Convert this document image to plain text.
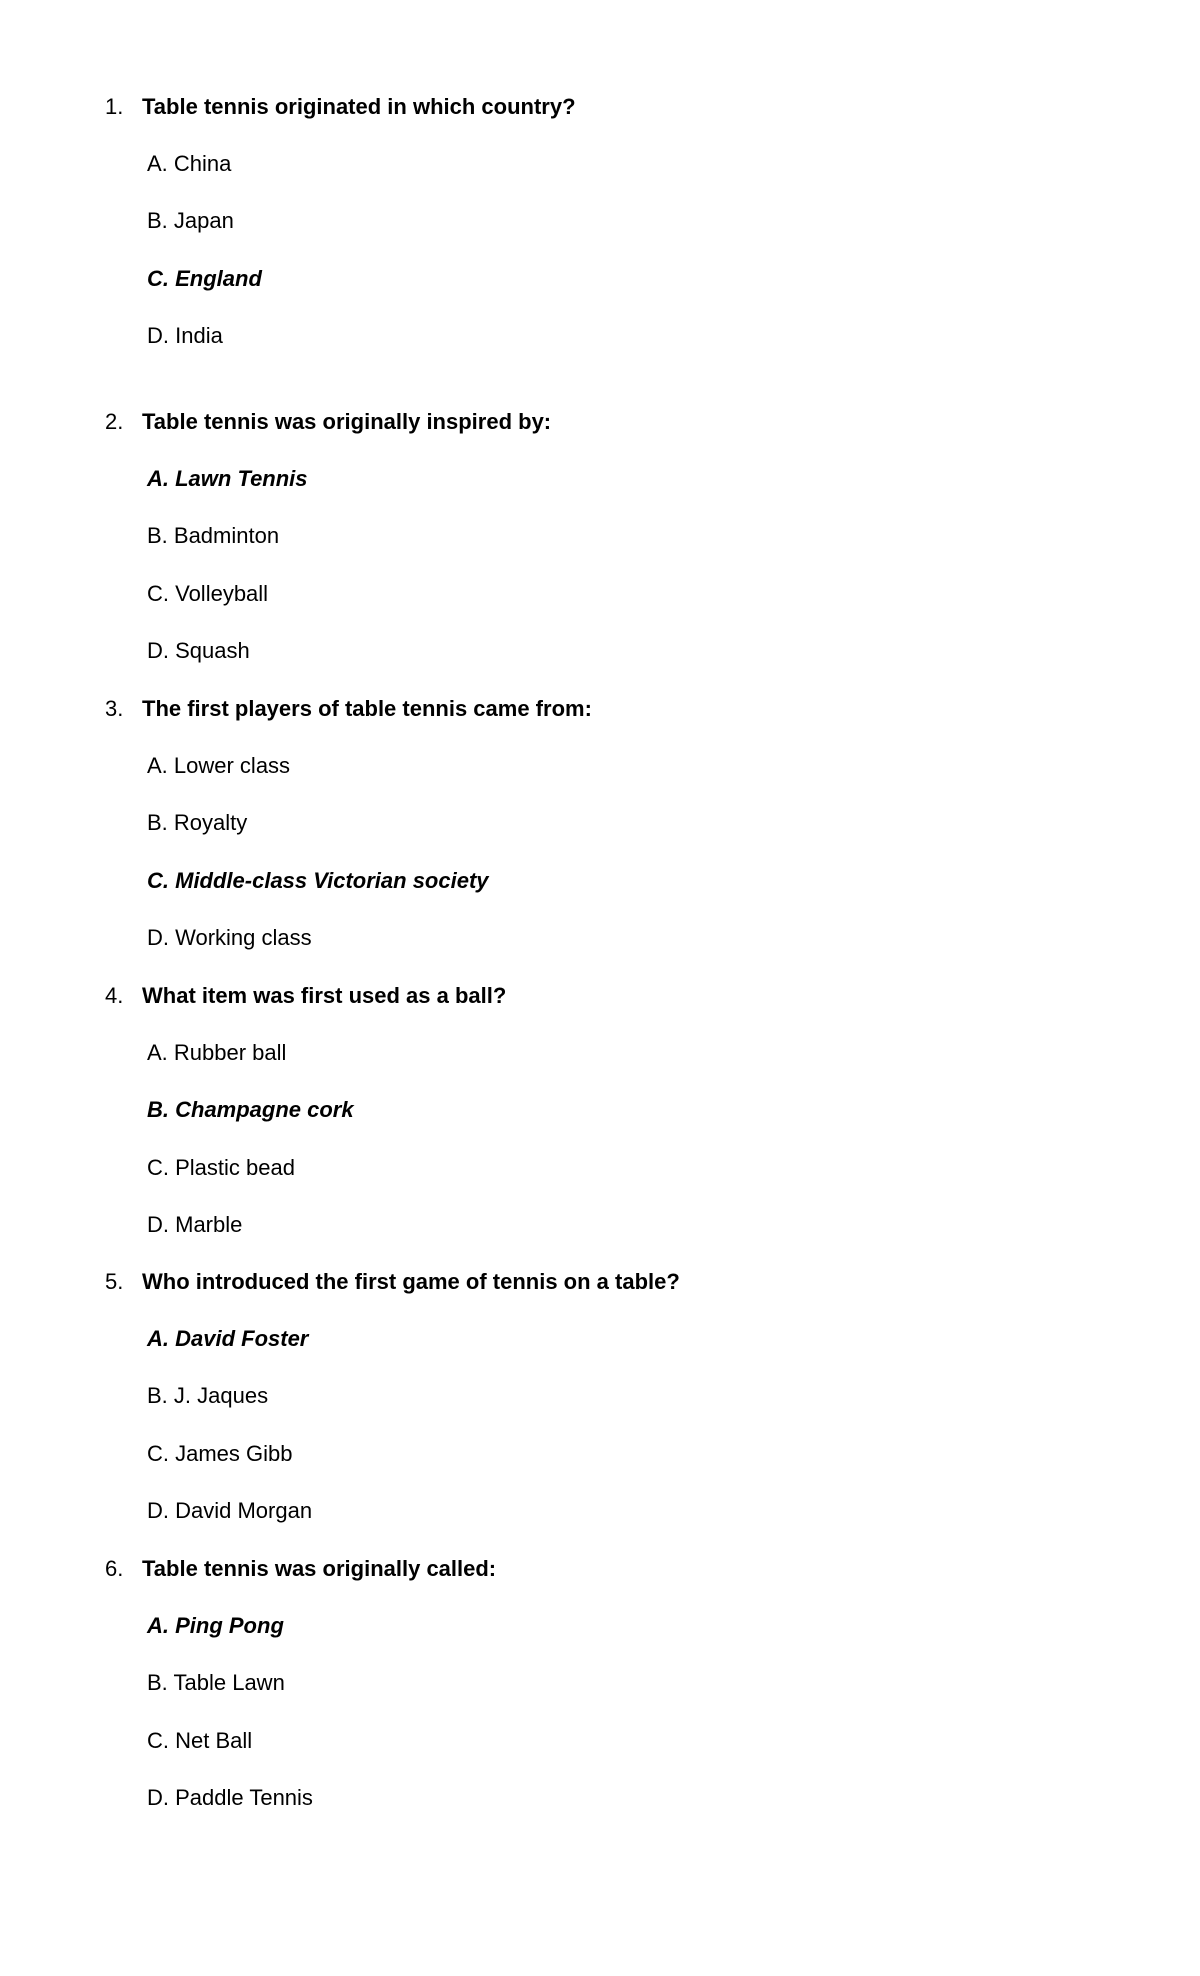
1. Table tennis originated in which country?
A. China
B. Japan
C. England
D. India
2. Table tennis was originally inspired by:
A. Lawn Tennis
B. Badminton
C. Volleyball
D. Squash
3. The first players of table tennis came from:
A. Lower class
B. Royalty
C. Middle-class Victorian society
D. Working class
4. What item was first used as a ball?
A. Rubber ball
B. Champagne cork
C. Plastic bead
D. Marble
5. Who introduced the first game of tennis on a table?
A. David Foster
B. J. Jaques
C. James Gibb
D. David Morgan
6. Table tennis was originally called:
A. Ping Pong
B. Table Lawn
C. Net Ball
D. Paddle Tennis
